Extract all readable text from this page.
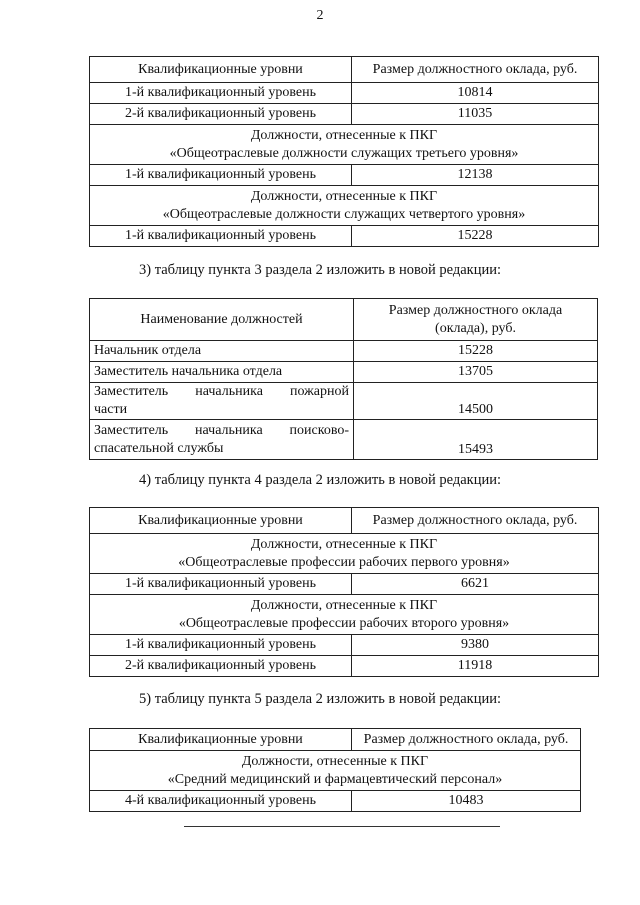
2
Квалификационные уровни	Размер должностного оклада, руб.
1-й квалификационный уровень	10814
2-й квалификационный уровень	11035

Должности, отнесенные к ПКГ
«Общеотраслевые должности служащих третьего уровня»	

1-й квалификационный уровень	12138

Должности, отнесенные к ПКГ
«Общеотраслевые должности служащих четвертого уровня»	

1-й квалификационный уровень	15228
3) таблицу пункта 3 раздела 2 изложить в новой редакции:
Наименование должностей	Размер должностного оклада
(оклада), руб.

Начальник отдела	15228
Заместитель начальника отдела	13705

Заместитель начальника пожарной
части	14500

Заместитель начальника поисково-
спасательной службы	15493
4) таблицу пункта 4 раздела 2 изложить в новой редакции:
Квалификационные уровни	Размер должностного оклада, руб.

Должности, отнесенные к ПКГ
«Общеотраслевые профессии рабочих первого уровня»	

1-й квалификационный уровень	6621

Должности, отнесенные к ПКГ
«Общеотраслевые профессии рабочих второго уровня»	

1-й квалификационный уровень	9380
2-й квалификационный уровень	11918
5) таблицу пункта 5 раздела 2 изложить в новой редакции:
Квалификационные уровни	Размер должностного оклада, руб.

Должности, отнесенные к ПКГ
«Средний медицинский и фармацевтический персонал»	

4-й квалификационный уровень	10483
